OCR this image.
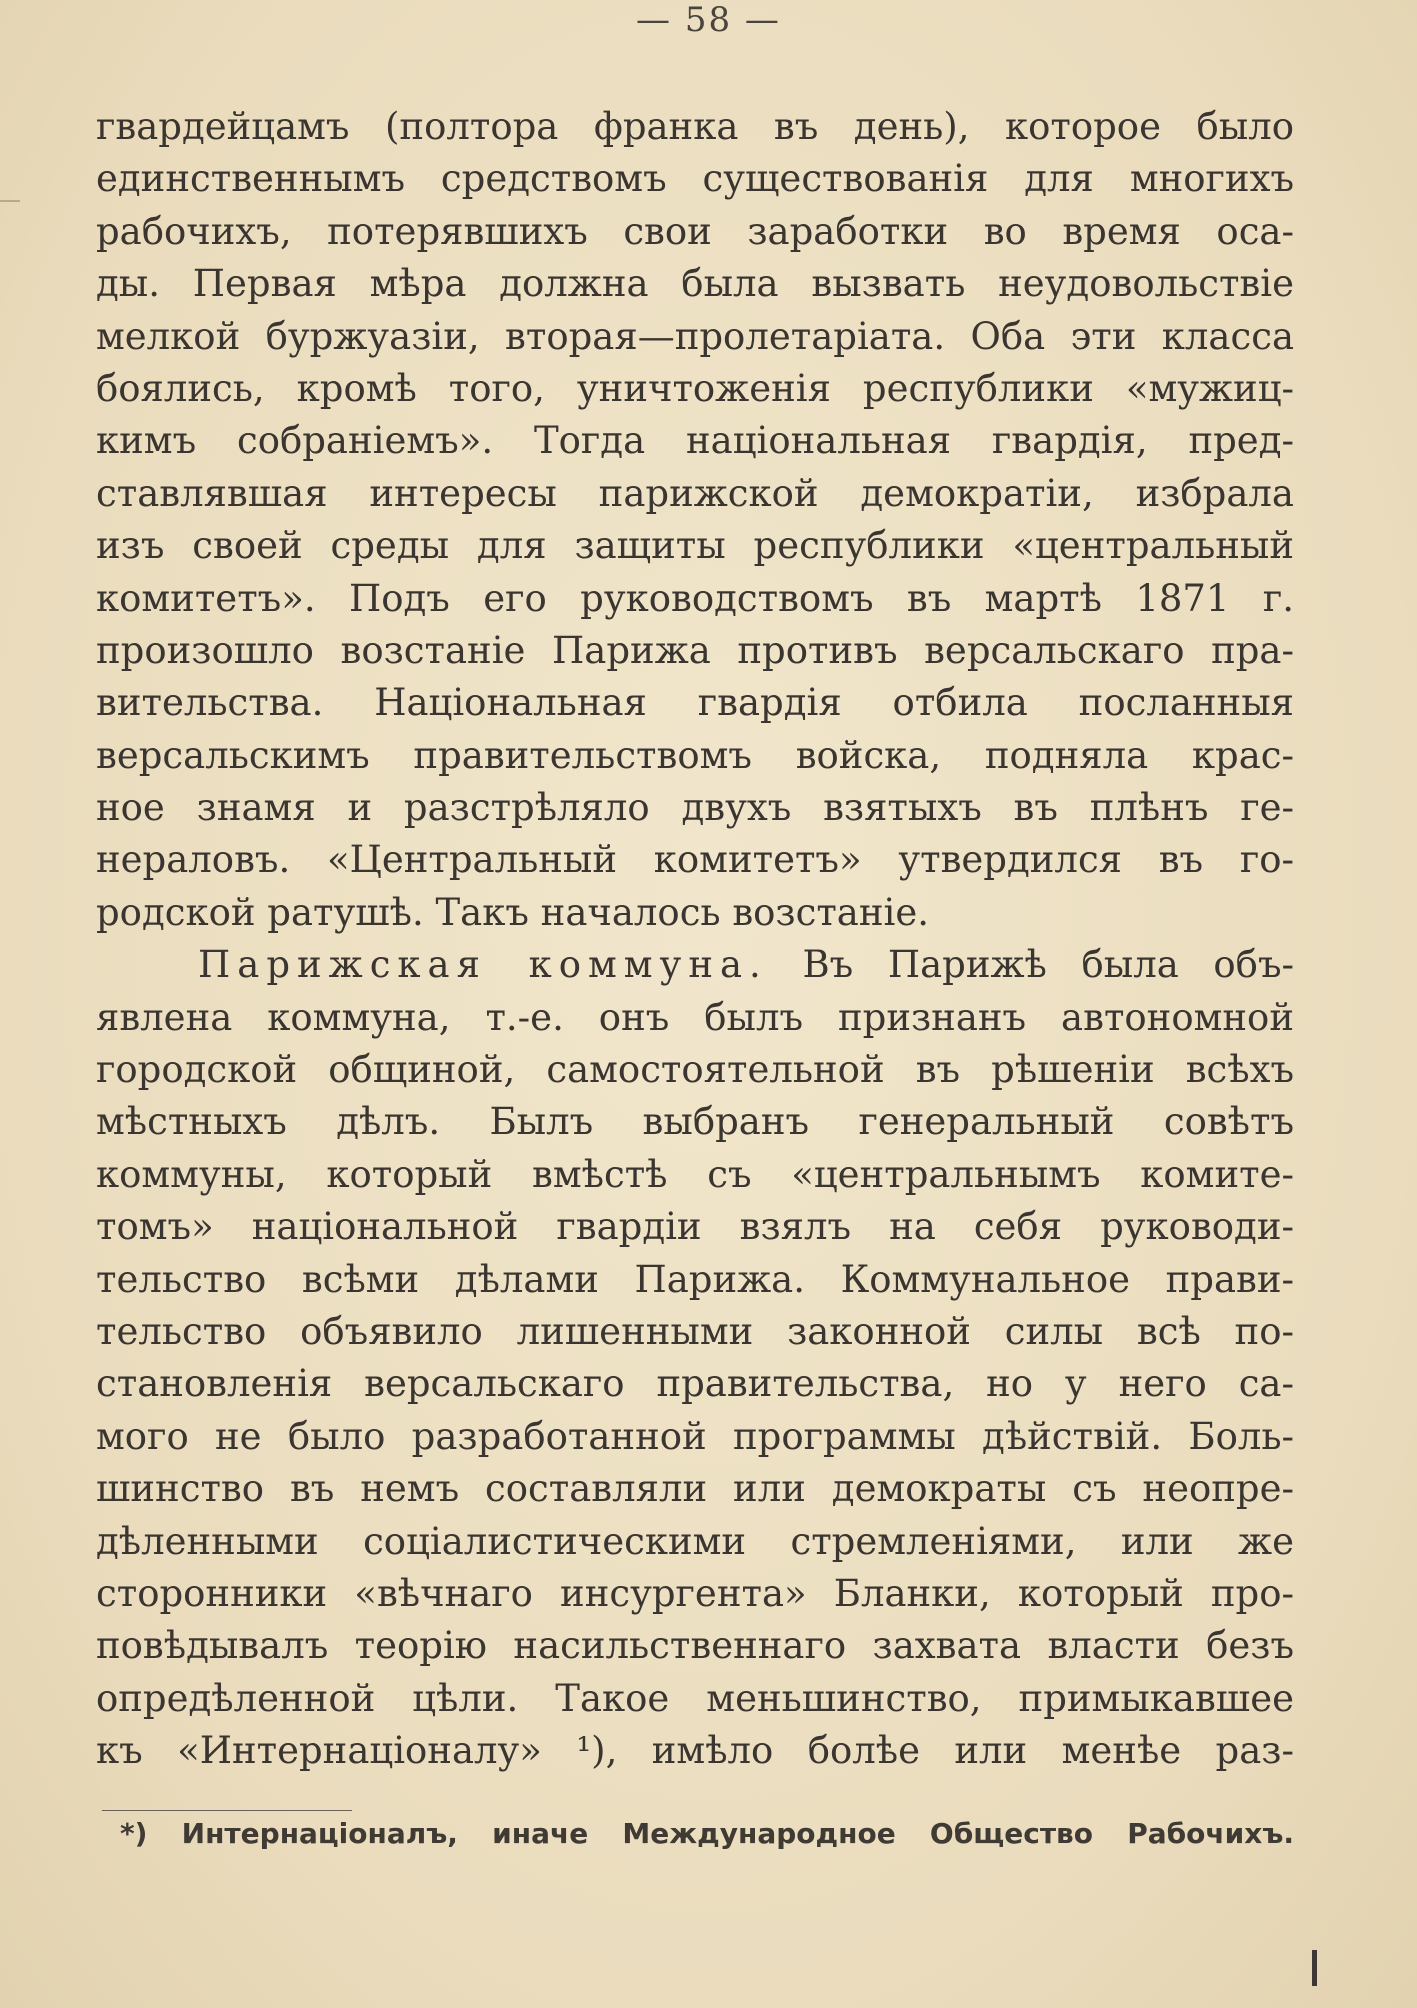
— 58 —
гвардейцамъ (полтора франка въ день), которое было
единственнымъ средствомъ существованія для многихъ
рабочихъ, потерявшихъ свои заработки во время оса-
ды. Первая мѣра должна была вызвать неудовольствіе
мелкой буржуазіи, вторая—пролетаріата. Оба эти класса
боялись, кромѣ того, уничтоженія республики «мужиц-
кимъ собраніемъ». Тогда національная гвардія, пред-
ставлявшая интересы парижской демократіи, избрала
изъ своей среды для защиты республики «центральный
комитетъ». Подъ его руководствомъ въ мартѣ 1871 г.
произошло возстаніе Парижа противъ версальскаго пра-
вительства. Національная гвардія отбила посланныя
версальскимъ правительствомъ войска, подняла крас-
ное знамя и разстрѣляло двухъ взятыхъ въ плѣнъ ге-
нераловъ. «Центральный комитетъ» утвердился въ го-
родской ратушѣ. Такъ началось возстаніе.
Парижская коммуна. Въ Парижѣ была объ-
явлена коммуна, т.-е. онъ былъ признанъ автономной
городской общиной, самостоятельной въ рѣшеніи всѣхъ
мѣстныхъ дѣлъ. Былъ выбранъ генеральный совѣтъ
коммуны, который вмѣстѣ съ «центральнымъ комите-
томъ» національной гвардіи взялъ на себя руководи-
тельство всѣми дѣлами Парижа. Коммунальное прави-
тельство объявило лишенными законной силы всѣ по-
становленія версальскаго правительства, но у него са-
мого не было разработанной программы дѣйствій. Боль-
шинство въ немъ составляли или демократы съ неопре-
дѣленными соціалистическими стремленіями, или же
сторонники «вѣчнаго инсургента» Бланки, который про-
повѣдывалъ теорію насильственнаго захвата власти безъ
опредѣленной цѣли. Такое меньшинство, примыкавшее
къ «Интернаціоналу» ¹), имѣло болѣе или менѣе раз-
*) Интернаціоналъ, иначе Международное Общество Рабочихъ.
